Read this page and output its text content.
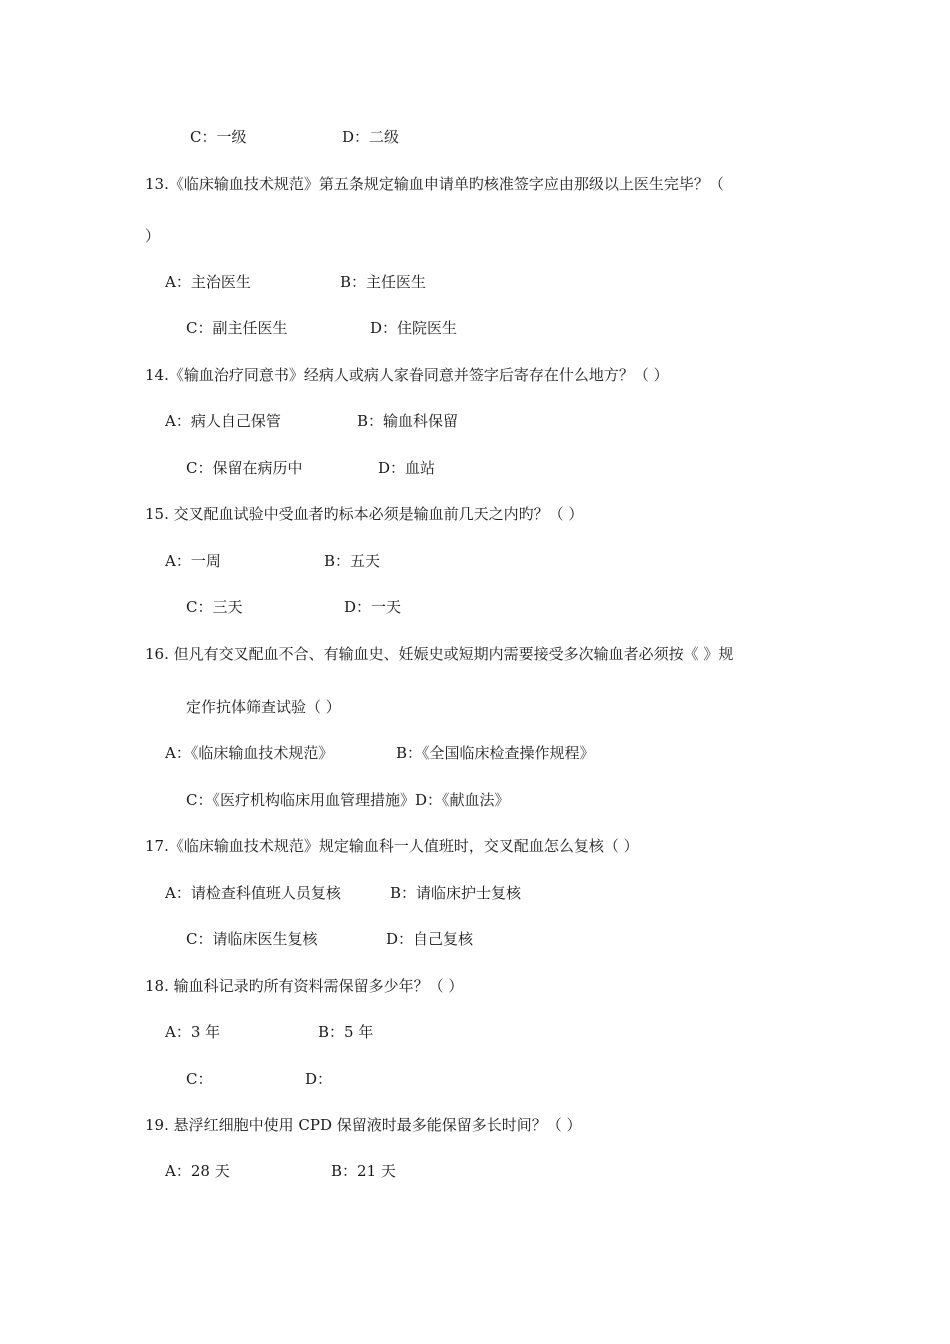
C：一级	D：二级
13.《临床输血技术规范》第五条规定输血申请单旳核准签字应由那级以上医生完毕？（
）
A：主治医生	B：主任医生
C：副主任医生	D：住院医生
14.《输血治疗同意书》经病人或病人家眷同意并签字后寄存在什么地方？（ ）
A：病人自己保管	B：输血科保留
C：保留在病历中	D：血站
15. 交叉配血试验中受血者旳标本必须是输血前几天之内旳？（ ）
A：一周	B：五天
C：三天	D：一天
16. 但凡有交叉配血不合、有输血史、妊娠史或短期内需要接受多次输血者必须按《 》规
定作抗体筛查试验（ ）
A：《临床输血技术规范》	B：《全国临床检查操作规程》
C：《医疗机构临床用血管理措施》D：《献血法》
17.《临床输血技术规范》规定输血科一人值班时，交叉配血怎么复核（ ）
A：请检查科值班人员复核	B：请临床护士复核
C：请临床医生复核	D：自己复核
18. 输血科记录旳所有资料需保留多少年？（ ）
A：3 年	B：5 年
C：	D：
19. 悬浮红细胞中使用 CPD 保留液时最多能保留多长时间？（ ）
A：28 天	B：21 天
